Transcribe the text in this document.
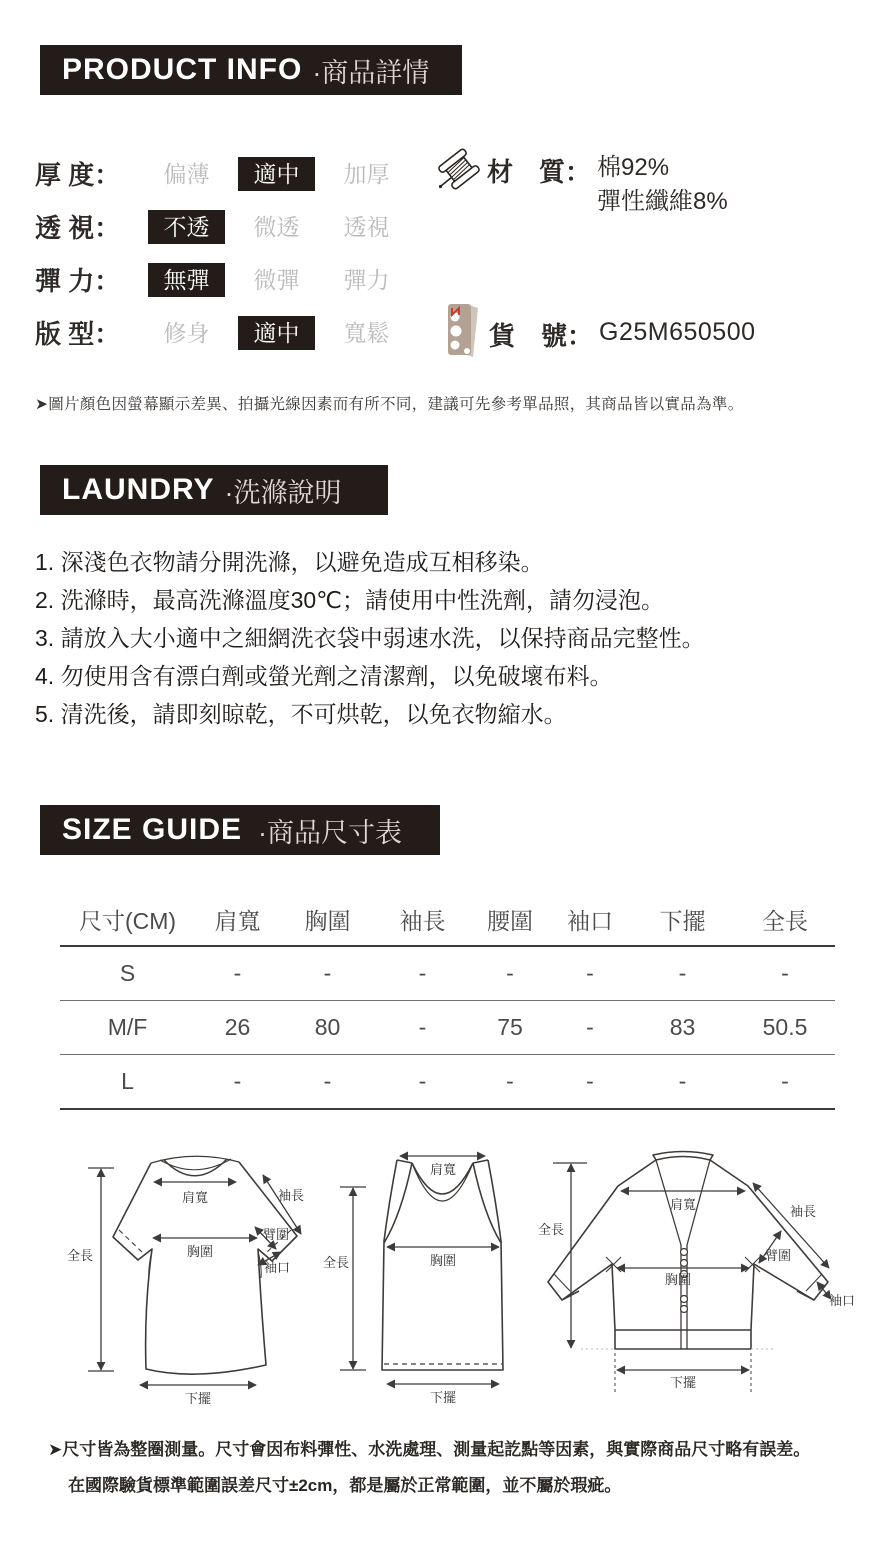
PRODUCT INFO ·商品詳情
厚 度：	偏薄	適中	加厚
透 視：	不透	微透	透視
彈 力：	無彈	微彈	彈力
版 型：	修身	適中	寬鬆
材　質： 棉92%
彈性纖維8%
貨　號： G25M650500
➤圖片顏色因螢幕顯示差異、拍攝光線因素而有所不同，建議可先參考單品照，其商品皆以實品為準。
LAUNDRY ·洗滌說明
1. 深淺色衣物請分開洗滌，以避免造成互相移染。
2. 洗滌時，最高洗滌溫度30℃；請使用中性洗劑，請勿浸泡。
3. 請放入大小適中之細網洗衣袋中弱速水洗，以保持商品完整性。
4. 勿使用含有漂白劑或螢光劑之清潔劑，以免破壞布料。
5. 清洗後，請即刻晾乾，不可烘乾，以免衣物縮水。
SIZE GUIDE ·商品尺寸表
尺寸(CM)	肩寬	胸圍	袖長	腰圍	袖口	下擺	全長
S	-	-	-	-	-	-	-
M/F	26	80	-	75	-	83	50.5
L	-	-	-	-	-	-	-
肩寬
胸圍
全長
袖長
臂圍
袖口
下擺
肩寬
全長	胸圍
下擺
全長
肩寬
胸圍
袖長
臂圍
袖口
下擺
➤尺寸皆為整圈測量。尺寸會因布料彈性、水洗處理、測量起訖點等因素，與實際商品尺寸略有誤差。
在國際驗貨標準範圍誤差尺寸±2cm，都是屬於正常範圍，並不屬於瑕疵。
